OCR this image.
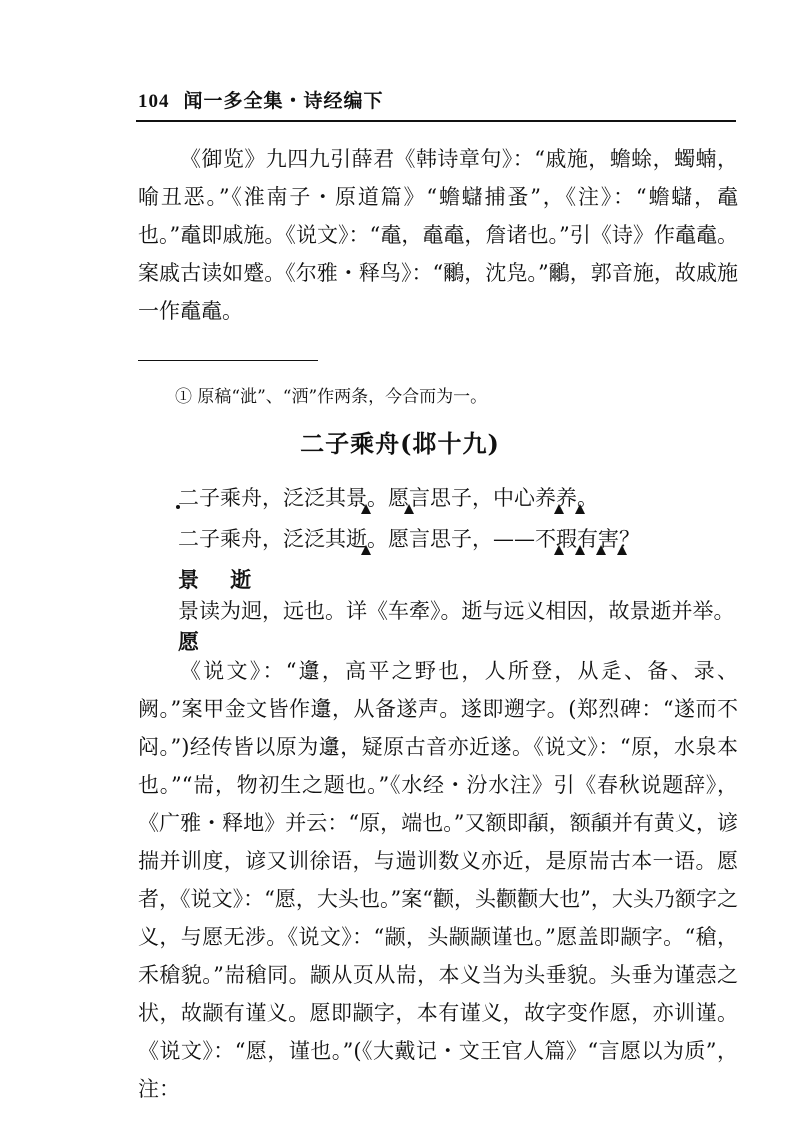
104 闻一多全集・诗经编下

《御览》九四九引薛君《韩诗章句》：“戚施，蟾蜍，蠋蝻，喻丑恶。”《淮南子・原道篇》“蟾蠩捕蚤”，《注》：“蟾蠩，鼁也。”鼁即戚施。《说文》：“鼁，鼁鼁，詹诸也。”引《诗》作鼁鼁。案戚古读如蹙。《尔雅・释鸟》：“鸍，沈凫。”鸍，郭音施，故戚施一作鼁鼁。

① 原稿“泚”、“洒”作两条，今合而为一。

二子乘舟(邶十九)

二子乘舟，泛泛其景。愿言思子，中心养养。

二子乘舟，泛泛其逝。愿言思子，——不瑕有害？

景 逝

景读为迥，远也。详《车牽》。逝与远义相因，故景逝并举。

愿

《说文》：“邍，高平之野也，人所登，从辵、备、录、阙。”案甲金文皆作邍，从备遂声。遂即遡字。(郑烈碑：“遂而不闷。”)经传皆以原为邍，疑原古音亦近遂。《说文》：“原，水泉本也。”“耑，物初生之题也。”《水经・汾水注》引《春秋说题辞》，《广雅・释地》并云：“原，端也。”又额即䫇，额䫇并有黄义，谚揣并训度，谚又训徐语，与遄训数义亦近，是原耑古本一语。愿者，《说文》：“愿，大头也。”案“颧，头颧颧大也”，大头乃额字之义，与愿无涉。《说文》：“颛，头颛颛谨也。”愿盖即颛字。“䅮，禾䅮貌。”耑䅮同。颛从页从耑，本义当为头垂貌。头垂为谨悫之状，故颛有谨义。愿即颛字，本有谨义，故字变作愿，亦训谨。《说文》：“愿，谨也。”(《大戴记・文王官人篇》“言愿以为质”，注：
